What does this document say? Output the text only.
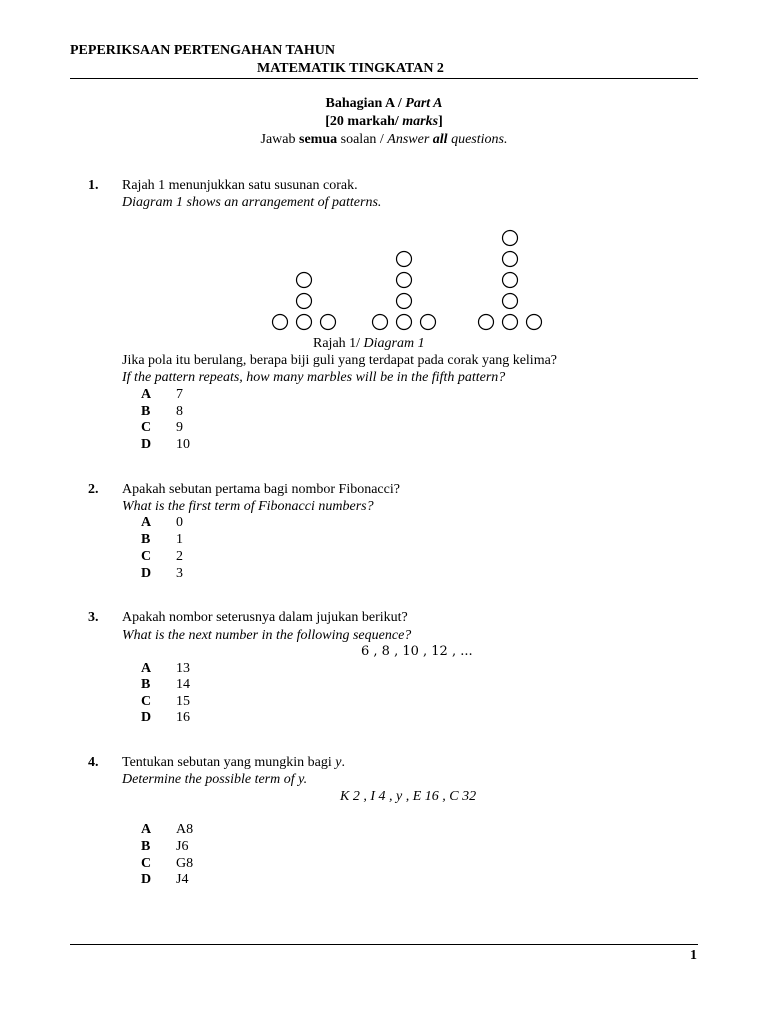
PEPERIKSAAN PERTENGAHAN TAHUN
MATEMATIK TINGKATAN 2
Bahagian A / Part A
[20 markah/ marks]
Jawab semua soalan / Answer all questions.
1. Rajah 1 menunjukkan satu susunan corak.
Diagram 1 shows an arrangement of patterns.
Rajah 1/ Diagram 1
Jika pola itu berulang, berapa biji guli yang terdapat pada corak yang kelima?
If the pattern repeats, how many marbles will be in the fifth pattern?
A 7
B 8
C 9
D 10
2. Apakah sebutan pertama bagi nombor Fibonacci?
What is the first term of Fibonacci numbers?
A 0
B 1
C 2
D 3
3. Apakah nombor seterusnya dalam jujukan berikut?
What is the next number in the following sequence?
6 , 8 , 10 , 12 , ...
A 13
B 14
C 15
D 16
4. Tentukan sebutan yang mungkin bagi y.
Determine the possible term of y.
K 2 , I 4 , y , E 16 , C 32
A A8
B J6
C G8
D J4
1
